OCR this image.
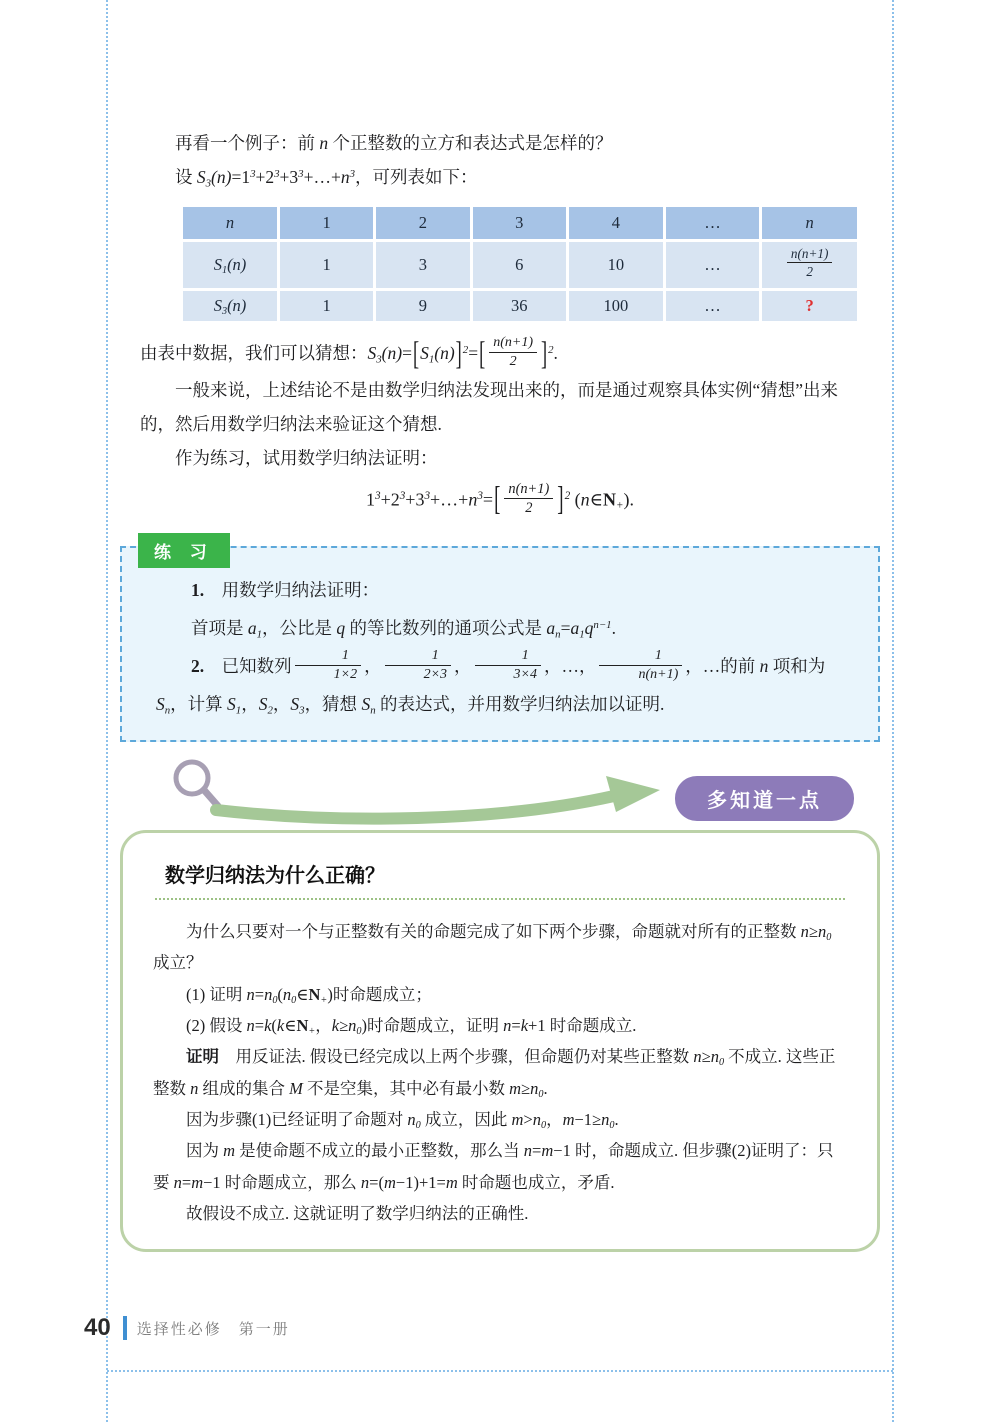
再看一个例子：前 n 个正整数的立方和表达式是怎样的？

设 $S_3(n)=1^3+2^3+3^3+\dots+n^3$，可列表如下：

n	1	2	3	4	…	n
$S_1(n)$	1	3	6	10	…	$\frac{n(n+1)}{2}$

$S_3(n)$	1	9	36	100	…	?

由表中数据，我们可以猜想：$S_3(n)=[S_1(n)]^2=[ \frac{n(n+1)}{2} ]^2$.

一般来说，上述结论不是由数学归纳法发现出来的，而是通过观察具体实例“猜想”出来的，然后用数学归纳法来验证这个猜想.

作为练习，试用数学归纳法证明：

$1^3+2^3+3^3+\dots+n^3=[ \frac{n(n+1)}{2} ]^2$ $(n\in N_+)$.

练 习

1.　用数学归纳法证明：

首项是 $a_1$，公比是 q 的等比数列的通项公式是 $a_n=a_1q^{n-1}$.

2.　已知数列 $\frac{1}{1\times 2}$ ， $\frac{1}{2\times 3}$ ， $\frac{1}{3\times 4}$ ，…， $\frac{1}{n(n+1)}$ ，…的前 n 项和为 $S_n$，计算 $S_1$，$S_2$，$S_3$，猜想 $S_n$ 的表达式，并用数学归纳法加以证明.

多知道一点
数学归纳法为什么正确？

为什么只要对一个与正整数有关的命题完成了如下两个步骤，命题就对所有的正整数 $n\ge n_0$ 成立？

(1) 证明 $n=n_0(n_0\in N_+)$时命题成立；

(2) 假设 $n=k(k\in N_+$，$k\ge n_0$)时命题成立，证明 n=k+1 时命题成立.

证明　用反证法. 假设已经完成以上两个步骤，但命题仍对某些正整数 $n\ge n_0$ 不成立. 这些正整数 n 组成的集合 M 不是空集，其中必有最小数 $m\ge n_0$.

因为步骤(1)已经证明了命题对 $n_0$ 成立，因此 $m>n_0$，$m-1\ge n_0$.

因为 m 是使命题不成立的最小正整数，那么当 n=m−1 时，命题成立. 但步骤(2)证明了：只要 n=m−1 时命题成立，那么 n=(m−1)+1=m 时命题也成立，矛盾.

故假设不成立. 这就证明了数学归纳法的正确性.

40 选择性必修　第一册
